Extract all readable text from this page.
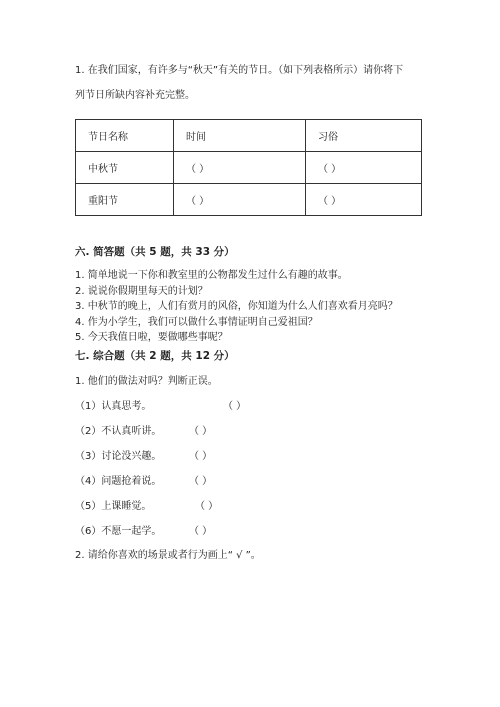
1. 在我们国家，有许多与“秋天”有关的节日。（如下列表格所示）请你将下
列节日所缺内容补充完整。
节日名称	时间	习俗
中秋节	（ ）	（ ）
重阳节	（ ）	（ ）
六. 简答题（共 5 题，共 33 分）
1. 简单地说一下你和教室里的公物都发生过什么有趣的故事。
2. 说说你假期里每天的计划？
3. 中秋节的晚上，人们有赏月的风俗，你知道为什么人们喜欢看月亮吗？
4. 作为小学生，我们可以做什么事情证明自己爱祖国？
5. 今天我值日啦，要做哪些事呢？
七. 综合题（共 2 题，共 12 分）
1. 他们的做法对吗？判断正误。
（1）认真思考。	（ ）
（2）不认真听讲。	（ ）
（3）讨论没兴趣。	（ ）
（4）问题抢着说。	（ ）
（5）上课睡觉。	（ ）
（6）不愿一起学。	（ ）
2. 请给你喜欢的场景或者行为画上“ √ ”。
